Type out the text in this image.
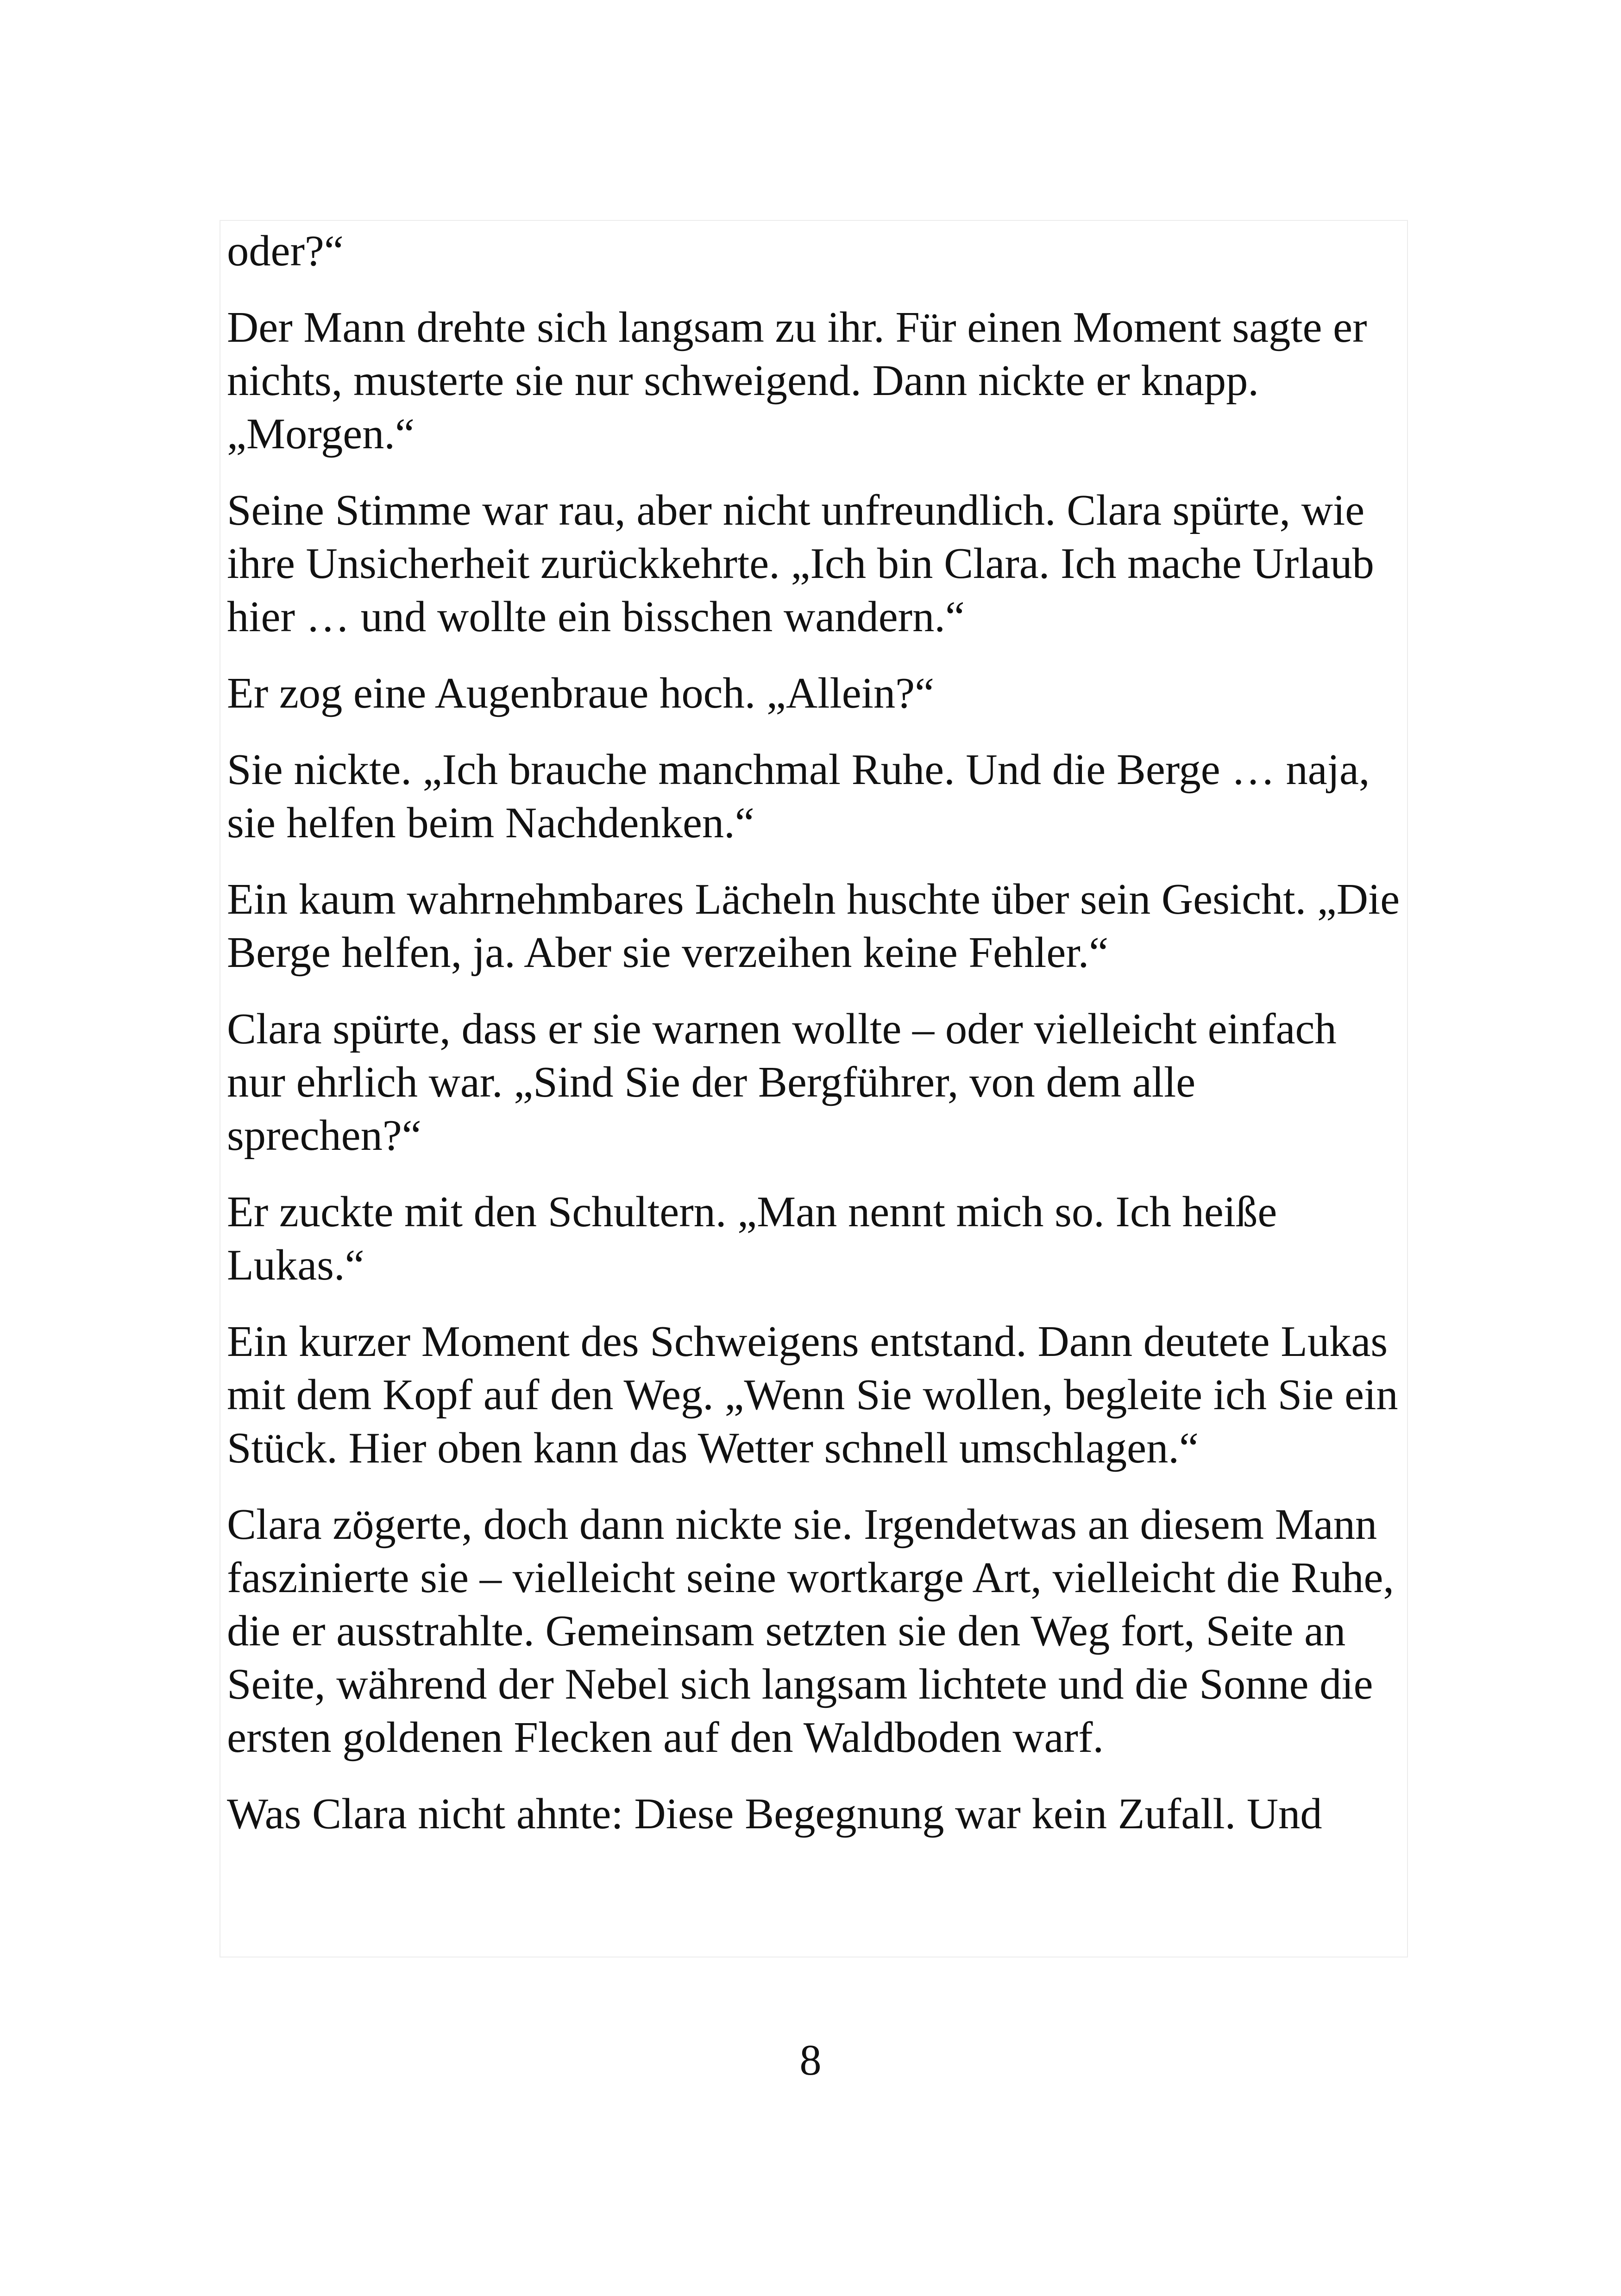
oder?“

Der Mann drehte sich langsam zu ihr. Für einen Moment sagte er nichts, musterte sie nur schweigend. Dann nickte er knapp. „Morgen.“

Seine Stimme war rau, aber nicht unfreundlich. Clara spürte, wie ihre Unsicherheit zurückkehrte. „Ich bin Clara. Ich mache Urlaub hier … und wollte ein bisschen wandern.“

Er zog eine Augenbraue hoch. „Allein?“

Sie nickte. „Ich brauche manchmal Ruhe. Und die Berge … naja, sie helfen beim Nachdenken.“

Ein kaum wahrnehmbares Lächeln huschte über sein Gesicht. „Die Berge helfen, ja. Aber sie verzeihen keine Fehler.“

Clara spürte, dass er sie warnen wollte – oder vielleicht einfach nur ehrlich war. „Sind Sie der Bergführer, von dem alle sprechen?“

Er zuckte mit den Schultern. „Man nennt mich so. Ich heiße Lukas.“

Ein kurzer Moment des Schweigens entstand. Dann deutete Lukas mit dem Kopf auf den Weg. „Wenn Sie wollen, begleite ich Sie ein Stück. Hier oben kann das Wetter schnell umschlagen.“

Clara zögerte, doch dann nickte sie. Irgendetwas an diesem Mann faszinierte sie – vielleicht seine wortkarge Art, vielleicht die Ruhe, die er ausstrahlte. Gemeinsam setzten sie den Weg fort, Seite an Seite, während der Nebel sich langsam lichtete und die Sonne die ersten goldenen Flecken auf den Waldboden warf.

Was Clara nicht ahnte: Diese Begegnung war kein Zufall. Und

8
